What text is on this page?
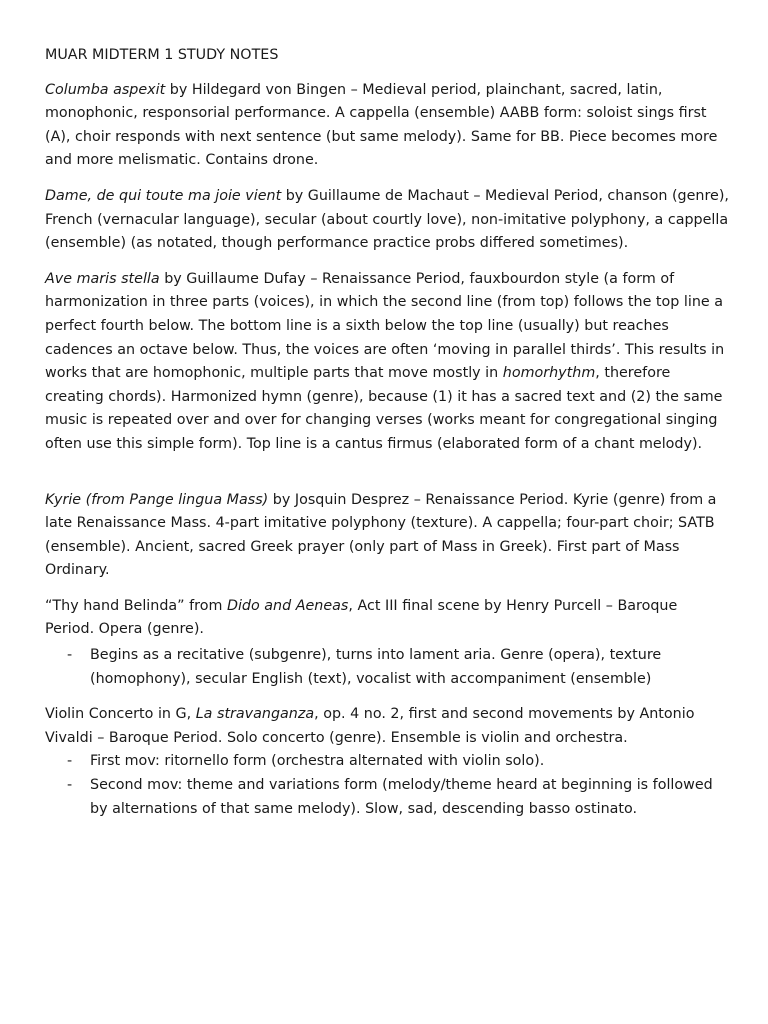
MUAR MIDTERM 1 STUDY NOTES

Columba aspexit by Hildegard von Bingen – Medieval period, plainchant, sacred, latin, monophonic, responsorial performance. A cappella (ensemble) AABB form: soloist sings first (A), choir responds with next sentence (but same melody). Same for BB. Piece becomes more and more melismatic. Contains drone.

Dame, de qui toute ma joie vient by Guillaume de Machaut – Medieval Period, chanson (genre), French (vernacular language), secular (about courtly love), non-imitative polyphony, a cappella (ensemble) (as notated, though performance practice probs differed sometimes).

Ave maris stella by Guillaume Dufay – Renaissance Period, fauxbourdon style (a form of harmonization in three parts (voices), in which the second line (from top) follows the top line a perfect fourth below. The bottom line is a sixth below the top line (usually) but reaches cadences an octave below. Thus, the voices are often ‘moving in parallel thirds’. This results in works that are homophonic, multiple parts that move mostly in homorhythm, therefore creating chords). Harmonized hymn (genre), because (1) it has a sacred text and (2) the same music is repeated over and over for changing verses (works meant for congregational singing often use this simple form). Top line is a cantus firmus (elaborated form of a chant melody).

Kyrie (from Pange lingua Mass) by Josquin Desprez – Renaissance Period. Kyrie (genre) from a late Renaissance Mass. 4-part imitative polyphony (texture). A cappella; four-part choir; SATB (ensemble). Ancient, sacred Greek prayer (only part of Mass in Greek). First part of Mass Ordinary.

“Thy hand Belinda” from Dido and Aeneas, Act III final scene by Henry Purcell – Baroque Period. Opera (genre).

- Begins as a recitative (subgenre), turns into lament aria. Genre (opera), texture (homophony), secular English (text), vocalist with accompaniment (ensemble)

Violin Concerto in G, La stravanganza, op. 4 no. 2, first and second movements by Antonio Vivaldi – Baroque Period. Solo concerto (genre). Ensemble is violin and orchestra.

- First mov: ritornello form (orchestra alternated with violin solo).
- Second mov: theme and variations form (melody/theme heard at beginning is followed by alternations of that same melody). Slow, sad, descending basso ostinato.
